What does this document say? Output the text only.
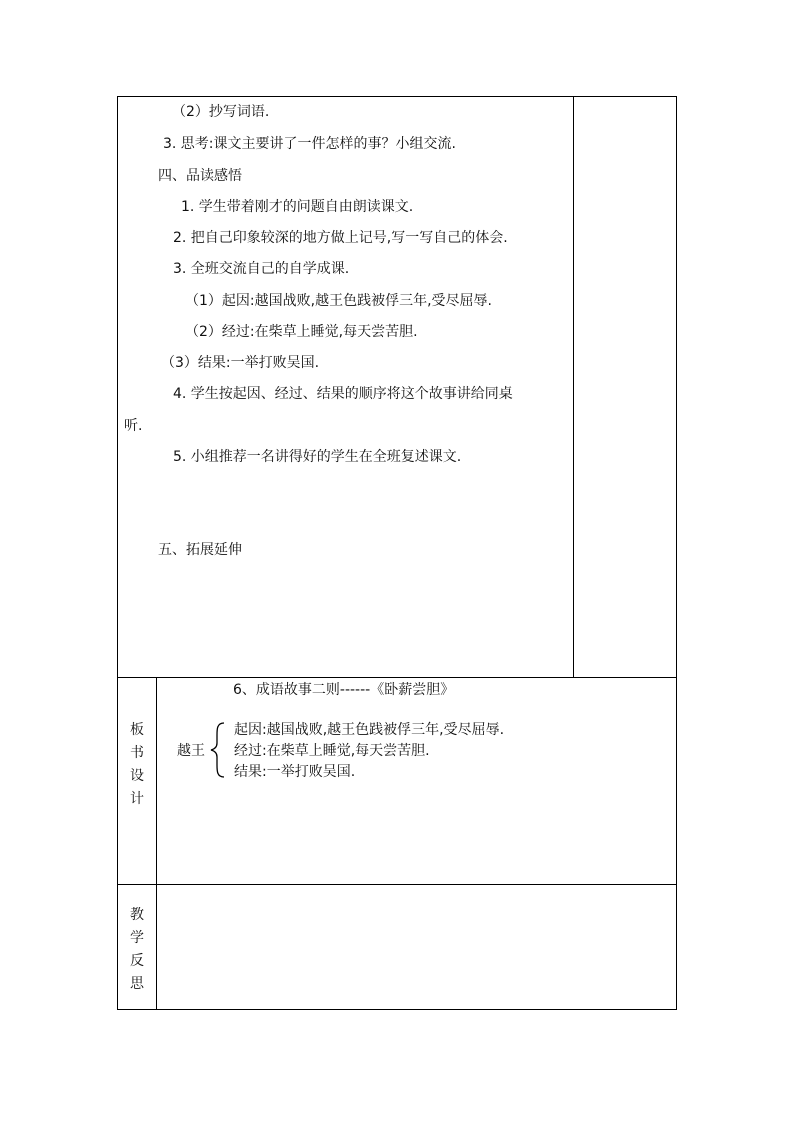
（2）抄写词语.
3. 思考:课文主要讲了一件怎样的事？小组交流.
四、品读感悟
1. 学生带着刚才的问题自由朗读课文.
2. 把自己印象较深的地方做上记号,写一写自己的体会.
3. 全班交流自己的自学成课.
（1）起因:越国战败,越王色践被俘三年,受尽屈辱.
（2）经过:在柴草上睡觉,每天尝苦胆.
（3）结果:一举打败吴国.
4. 学生按起因、经过、结果的顺序将这个故事讲给同桌
听.
5. 小组推荐一名讲得好的学生在全班复述课文.
五、拓展延伸
板
书
设
计
6、成语故事二则------《卧薪尝胆》
越王
起因:越国战败,越王色践被俘三年,受尽屈辱.
经过:在柴草上睡觉,每天尝苦胆.
结果:一举打败吴国.
教
学
反
思
